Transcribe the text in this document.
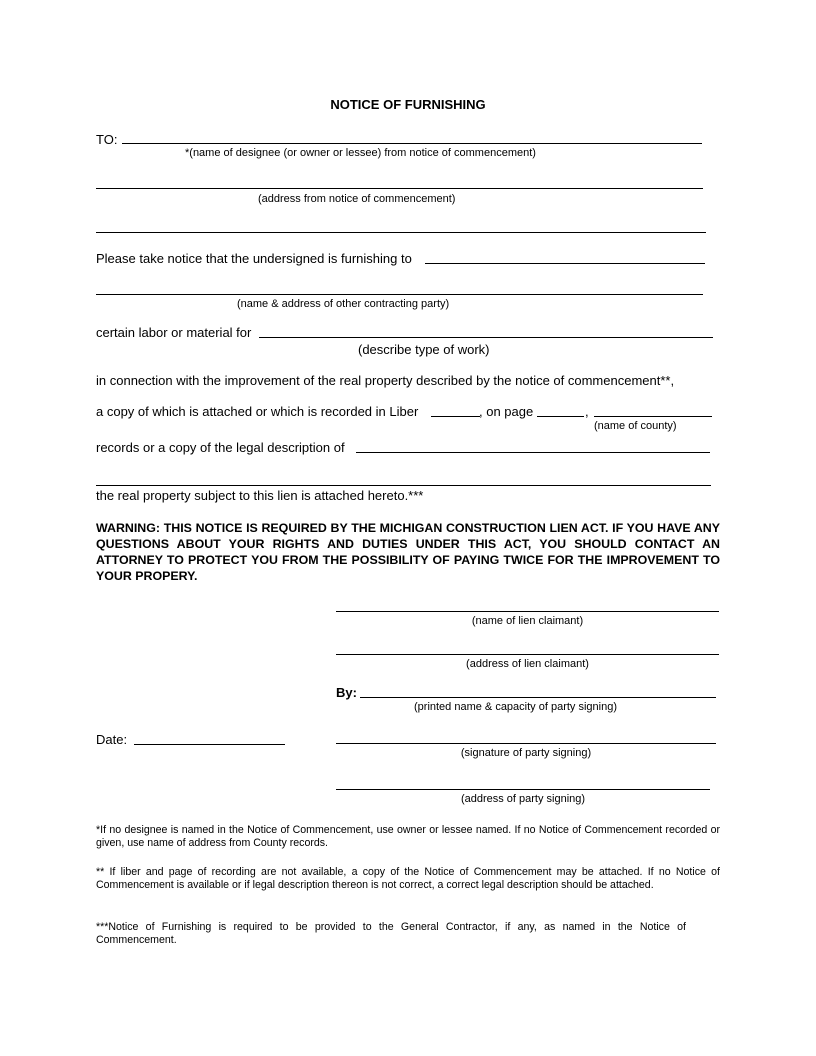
NOTICE OF FURNISHING
TO:
*(name of designee (or owner or lessee) from notice of commencement)
(address from notice of commencement)
Please take notice that the undersigned is furnishing to
(name & address of other contracting party)
certain labor or material for
(describe type of work)
in connection with the improvement of the real property described by the notice of commencement**,
a copy of which is attached or which is recorded in Liber	, on page	,
(name of county)
records or a copy of the legal description of
the real property subject to this lien is attached hereto.***
WARNING: THIS NOTICE IS REQUIRED BY THE MICHIGAN CONSTRUCTION LIEN ACT. IF YOU HAVE ANY QUESTIONS ABOUT YOUR RIGHTS AND DUTIES UNDER THIS ACT, YOU SHOULD CONTACT AN ATTORNEY TO PROTECT YOU FROM THE POSSIBILITY OF PAYING TWICE FOR THE IMPROVEMENT TO YOUR PROPERY.
(name of lien claimant)
(address of lien claimant)
By:
(printed name & capacity of party signing)
Date:
(signature of party signing)
(address of party signing)
*If no designee is named in the Notice of Commencement, use owner or lessee named. If no Notice of Commencement recorded or given, use name of address from County records.
** If liber and page of recording are not available, a copy of the Notice of Commencement may be attached. If no Notice of Commencement is available or if legal description thereon is not correct, a correct legal description should be attached.
***Notice of Furnishing is required to be provided to the General Contractor, if any, as named in the Notice of Commencement.
